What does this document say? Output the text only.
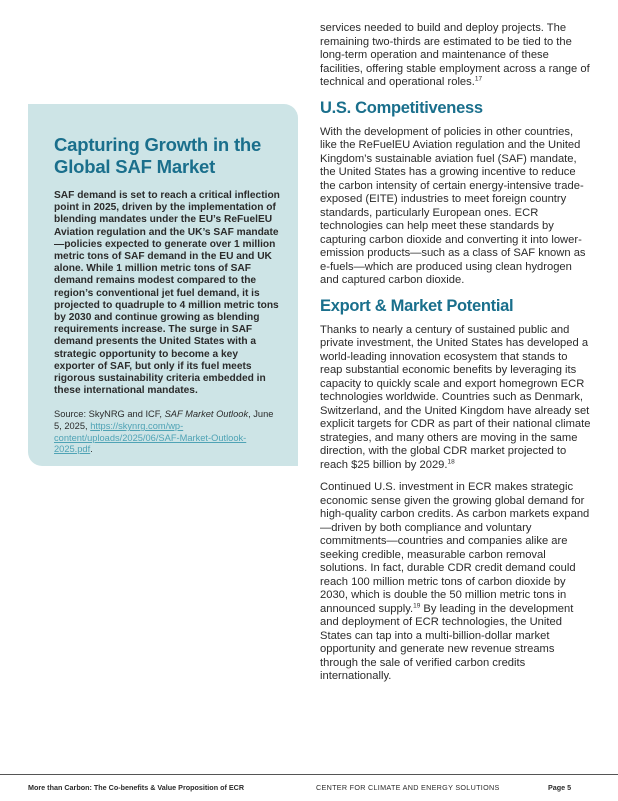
Capturing Growth in the Global SAF Market

SAF demand is set to reach a critical inflection point in 2025, driven by the implementation of blending mandates under the EU’s ReFuelEU Aviation regulation and the UK’s SAF mandate—policies expected to generate over 1 million metric tons of SAF demand in the EU and UK alone. While 1 million metric tons of SAF demand remains modest compared to the region’s conventional jet fuel demand, it is projected to quadruple to 4 million metric tons by 2030 and continue growing as blending requirements increase. The surge in SAF demand presents the United States with a strategic opportunity to become a key exporter of SAF, but only if its fuel meets rigorous sustainability criteria embedded in these international mandates.

Source: SkyNRG and ICF, SAF Market Outlook, June 5, 2025, https://skynrg.com/wp-content/uploads/2025/06/SAF-Market-Outlook-2025.pdf.

services needed to build and deploy projects. The remaining two-thirds are estimated to be tied to the long-term operation and maintenance of these facilities, offering stable employment across a range of technical and operational roles.$^{17}$

U.S. Competitiveness

With the development of policies in other countries, like the ReFuelEU Aviation regulation and the United Kingdom’s sustainable aviation fuel (SAF) mandate, the United States has a growing incentive to reduce the carbon intensity of certain energy-intensive trade-exposed (EITE) industries to meet foreign country standards, particularly European ones. ECR technologies can help meet these standards by capturing carbon dioxide and converting it into lower-emission products—such as a class of SAF known as e-fuels—which are produced using clean hydrogen and captured carbon dioxide.

Export & Market Potential

Thanks to nearly a century of sustained public and private investment, the United States has developed a world-leading innovation ecosystem that stands to reap substantial economic benefits by leveraging its capacity to quickly scale and export homegrown ECR technologies worldwide. Countries such as Denmark, Switzerland, and the United Kingdom have already set explicit targets for CDR as part of their national climate strategies, and many others are moving in the same direction, with the global CDR market projected to reach $25 billion by 2029.18

Continued U.S. investment in ECR makes strategic economic sense given the growing global demand for high-quality carbon credits. As carbon markets expand—driven by both compliance and voluntary commitments—countries and companies alike are seeking credible, measurable carbon removal solutions. In fact, durable CDR credit demand could reach 100 million metric tons of carbon dioxide by 2030, which is double the 50 million metric tons in announced supply.$^{19}$ By leading in the development and deployment of ECR technologies, the United States can tap into a multi-billion-dollar market opportunity and generate new revenue streams through the sale of verified carbon credits internationally.

More than Carbon: The Co-benefits & Value Proposition of ECR	CENTER FOR CLIMATE AND ENERGY SOLUTIONS	Page 5
